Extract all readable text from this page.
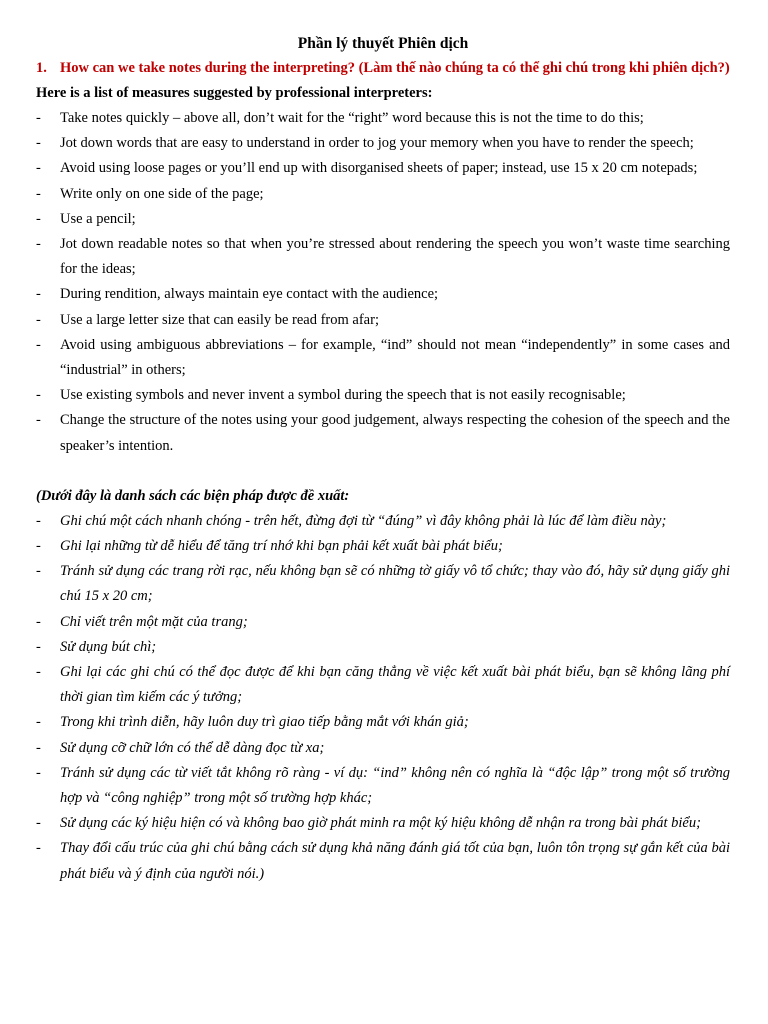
Phần lý thuyết Phiên dịch
1. How can we take notes during the interpreting? (Làm thế nào chúng ta có thể ghi chú trong khi phiên dịch?)
Here is a list of measures suggested by professional interpreters:
-	Take notes quickly – above all, don’t wait for the “right” word because this is not the time to do this;
-	Jot down words that are easy to understand in order to jog your memory when you have to render the speech;
-	Avoid using loose pages or you’ll end up with disorganised sheets of paper; instead, use 15 x 20 cm notepads;
-	Write only on one side of the page;
-	Use a pencil;
-	Jot down readable notes so that when you’re stressed about rendering the speech you won’t waste time searching for the ideas;
-	During rendition, always maintain eye contact with the audience;
-	Use a large letter size that can easily be read from afar;
-	Avoid using ambiguous abbreviations – for example, “ind” should not mean “independently” in some cases and “industrial” in others;
-	Use existing symbols and never invent a symbol during the speech that is not easily recognisable;
-	Change the structure of the notes using your good judgement, always respecting the cohesion of the speech and the speaker’s intention.
(Dưới đây là danh sách các biện pháp được đề xuất:
-	Ghi chú một cách nhanh chóng - trên hết, đừng đợi từ “đúng” vì đây không phải là lúc để làm điều này;
-	Ghi lại những từ dễ hiểu để tăng trí nhớ khi bạn phải kết xuất bài phát biểu;
-	Tránh sử dụng các trang rời rạc, nếu không bạn sẽ có những tờ giấy vô tổ chức; thay vào đó, hãy sử dụng giấy ghi chú 15 x 20 cm;
-	Chỉ viết trên một mặt của trang;
-	Sử dụng bút chì;
-	Ghi lại các ghi chú có thể đọc được để khi bạn căng thẳng về việc kết xuất bài phát biểu, bạn sẽ không lãng phí thời gian tìm kiếm các ý tưởng;
-	Trong khi trình diễn, hãy luôn duy trì giao tiếp bằng mắt với khán giả;
-	Sử dụng cỡ chữ lớn có thể dễ dàng đọc từ xa;
-	Tránh sử dụng các từ viết tắt không rõ ràng - ví dụ: “ind” không nên có nghĩa là “độc lập” trong một số trường hợp và “công nghiệp” trong một số trường hợp khác;
-	Sử dụng các ký hiệu hiện có và không bao giờ phát minh ra một ký hiệu không dễ nhận ra trong bài phát biểu;
-	Thay đổi cấu trúc của ghi chú bằng cách sử dụng khả năng đánh giá tốt của bạn, luôn tôn trọng sự gắn kết của bài phát biểu và ý định của người nói.)
